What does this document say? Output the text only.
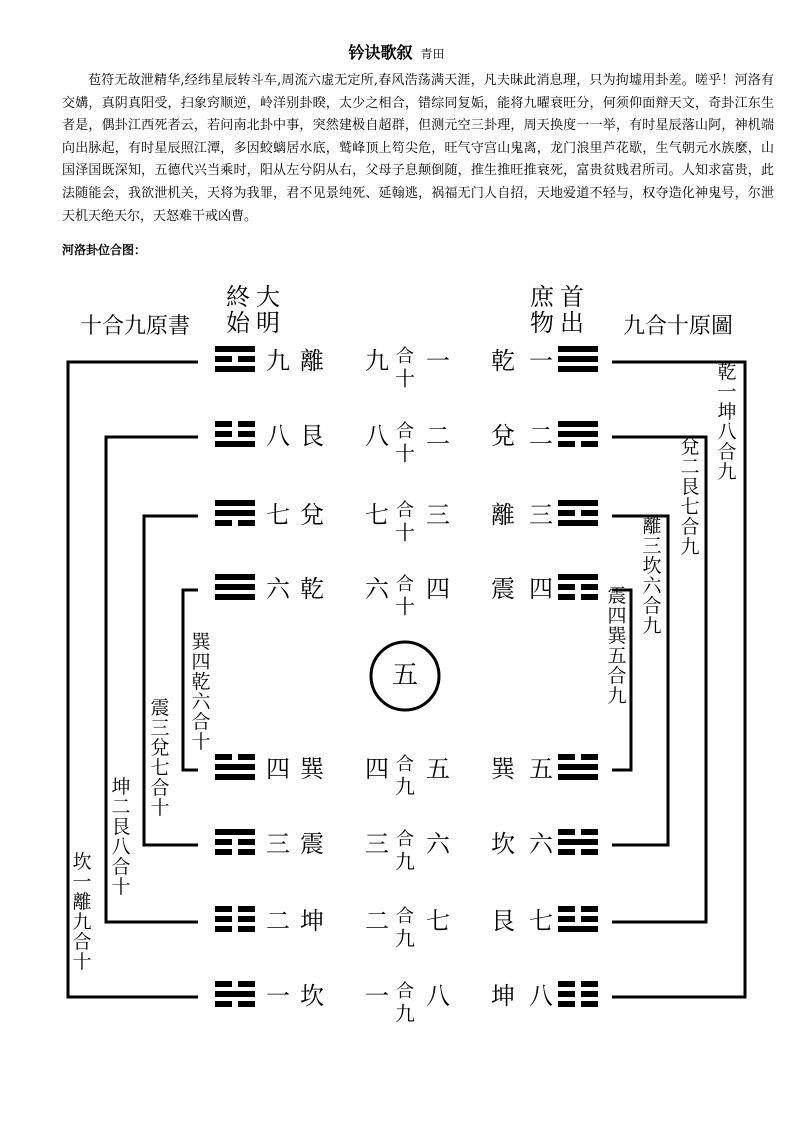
钤诀歌叙 青田
苞符无故泄精华,经纬星辰转斗车,周流六虚无定所,春风浩荡满天涯，凡夫昧此消息理，只为拘墟用卦差。嗟乎！河洛有交媾，真阴真阳受，扫象窍顺逆，岭洋别卦睽，太少之相合，错综同复姤，能将九曜衰旺分，何须仰面辩天文，奇卦江东生者是，偶卦江西死者云，若问南北卦中事，突然建极自超群，但测元空三卦理，周天换度一一举，有时星辰落山阿，神机端向出脉起，有时星辰照江潭，多因蛟螭居水底，鹫峰顶上笱尖危，旺气守宫山鬼离，龙门浪里芦花歇，生气朝元水族麼，山国泽国既深知，五德代兴当乘时，阳从左兮阴从右，父母子息颠倒随，推生推旺推衰死，富贵贫贱君所司。人知求富贵，此法随能会，我欲泄机关，天将为我罪，君不见景纯死、延翰逃，祸福无门人自招，天地爱道不轻与，权夺造化神鬼号，尔泄天机天绝天尔，天怒难干戒凶曹。
河洛卦位合图：
十合九原書
大明
終始
首出
庶物	九合十原圖
九 離 九 合
十
一 乾 一
八 艮 八 合
十
二 兌 二
七 兌 七 合
十
三 離 三
六 乾 六 合
十
四 震 四
四 巽 四 合
九
五 巽 五
三 震 三 合
九
六 坎 六
二 坤 二 合
九
七 艮 七
一 坎 一 合
九
八 坤 八
五
坎一離九合十
坤二艮八合十
震三兌七合十
巽四乾六合十
乾一坤八合九
兌二艮七合九
離三坎六合九
震四巽五合九
